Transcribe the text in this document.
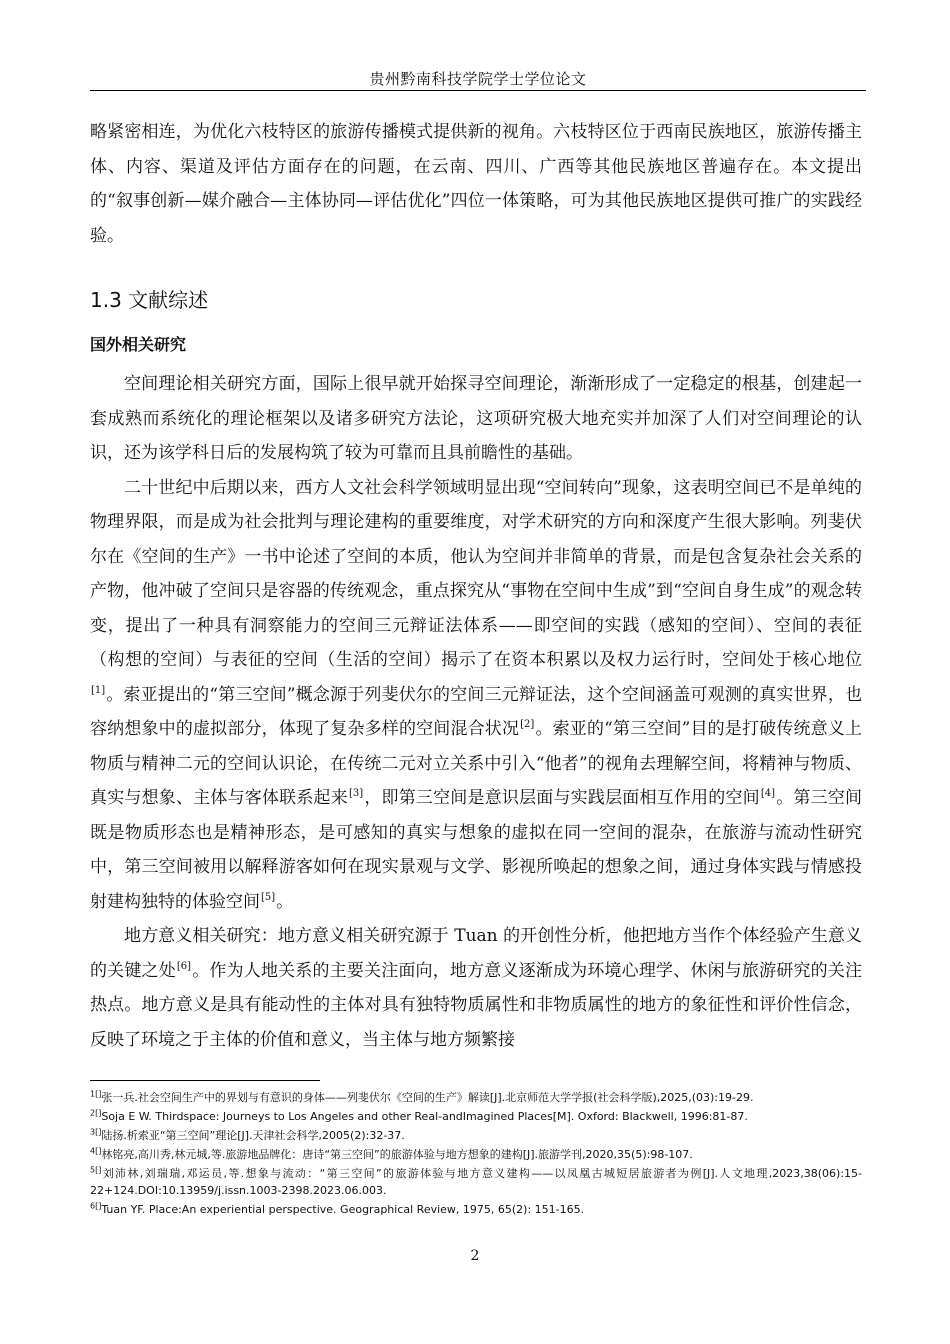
贵州黔南科技学院学士学位论文

略紧密相连，为优化六枝特区的旅游传播模式提供新的视角。六枝特区位于西南民族地区，旅游传播主体、内容、渠道及评估方面存在的问题，在云南、四川、广西等其他民族地区普遍存在。本文提出的“叙事创新—媒介融合—主体协同—评估优化”四位一体策略，可为其他民族地区提供可推广的实践经验。

1.3 文献综述
国外相关研究

空间理论相关研究方面，国际上很早就开始探寻空间理论，渐渐形成了一定稳定的根基，创建起一套成熟而系统化的理论框架以及诸多研究方法论，这项研究极大地充实并加深了人们对空间理论的认识，还为该学科日后的发展构筑了较为可靠而且具前瞻性的基础。

二十世纪中后期以来，西方人文社会科学领域明显出现“空间转向”现象，这表明空间已不是单纯的物理界限，而是成为社会批判与理论建构的重要维度，对学术研究的方向和深度产生很大影响。列斐伏尔在《空间的生产》一书中论述了空间的本质，他认为空间并非简单的背景，而是包含复杂社会关系的产物，他冲破了空间只是容器的传统观念，重点探究从“事物在空间中生成”到“空间自身生成”的观念转变，提出了一种具有洞察能力的空间三元辩证法体系——即空间的实践（感知的空间）、空间的表征（构想的空间）与表征的空间（生活的空间）揭示了在资本积累以及权力运行时，空间处于核心地位[1]。索亚提出的“第三空间”概念源于列斐伏尔的空间三元辩证法，这个空间涵盖可观测的真实世界，也容纳想象中的虚拟部分，体现了复杂多样的空间混合状况[2]。索亚的“第三空间”目的是打破传统意义上物质与精神二元的空间认识论，在传统二元对立关系中引入“他者”的视角去理解空间，将精神与物质、真实与想象、主体与客体联系起来[3]，即第三空间是意识层面与实践层面相互作用的空间[4]。第三空间既是物质形态也是精神形态，是可感知的真实与想象的虚拟在同一空间的混杂，在旅游与流动性研究中，第三空间被用以解释游客如何在现实景观与文学、影视所唤起的想象之间，通过身体实践与情感投射建构独特的体验空间[5]。

地方意义相关研究：地方意义相关研究源于 Tuan 的开创性分析，他把地方当作个体经验产生意义的关键之处[6]。作为人地关系的主要关注面向，地方意义逐渐成为环境心理学、休闲与旅游研究的关注热点。地方意义是具有能动性的主体对具有独特物质属性和非物质属性的地方的象征性和评价性信念，反映了环境之于主体的价值和意义，当主体与地方频繁接

$^{1[]}$张一兵.社会空间生产中的界划与有意识的身体——列斐伏尔《空间的生产》解读[J].北京师范大学学报(社会科学版),2025,(03):19-29.

$^{2[]}$Soja E W. Thirdspace: Journeys to Los Angeles and other Real-andImagined Places[M]. Oxford: Blackwell, 1996:81-87.

$^{3[]}$陆扬.析索亚“第三空间”理论[J].天津社会科学,2005(2):32-37.

$^{4[]}$林铭亮,高川秀,林元城,等.旅游地品牌化：唐诗“第三空间”的旅游体验与地方想象的建构[J].旅游学刊,2020,35(5):98-107.

$^{5[]}$刘沛林,刘瑞瑞,邓运员,等.想象与流动：“第三空间”的旅游体验与地方意义建构——以凤凰古城短居旅游者为例[J].人文地理,2023,38(06):15-22+124.DOI:10.13959/j.issn.1003-2398.2023.06.003.

$^{6[]}$Tuan YF. Place:An experiential perspective. Geographical Review, 1975, 65(2): 151-165.

2
